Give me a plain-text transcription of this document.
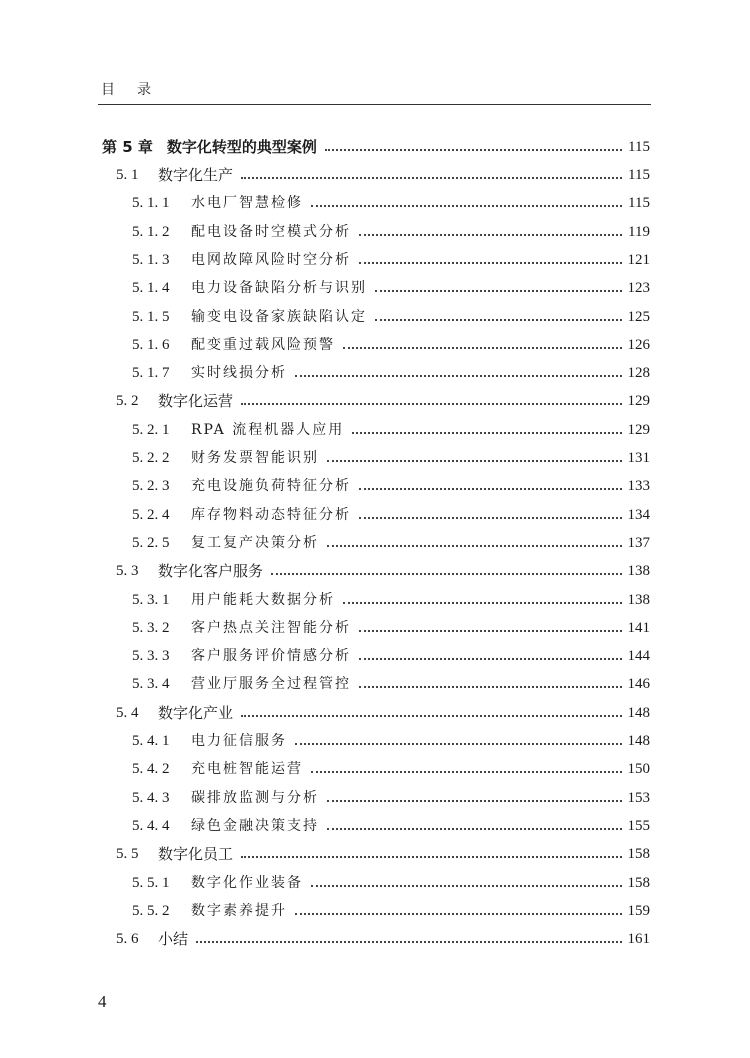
目 录
第 5 章 数字化转型的典型案例	115
5. 1	数字化生产	115
5. 1. 1	水电厂智慧检修	115
5. 1. 2	配电设备时空模式分析	119
5. 1. 3	电网故障风险时空分析	121
5. 1. 4	电力设备缺陷分析与识别	123
5. 1. 5	输变电设备家族缺陷认定	125
5. 1. 6	配变重过载风险预警	126
5. 1. 7	实时线损分析	128
5. 2	数字化运营	129
5. 2. 1	RPA 流程机器人应用	129
5. 2. 2	财务发票智能识别	131
5. 2. 3	充电设施负荷特征分析	133
5. 2. 4	库存物料动态特征分析	134
5. 2. 5	复工复产决策分析	137
5. 3	数字化客户服务	138
5. 3. 1	用户能耗大数据分析	138
5. 3. 2	客户热点关注智能分析	141
5. 3. 3	客户服务评价情感分析	144
5. 3. 4	营业厅服务全过程管控	146
5. 4	数字化产业	148
5. 4. 1	电力征信服务	148
5. 4. 2	充电桩智能运营	150
5. 4. 3	碳排放监测与分析	153
5. 4. 4	绿色金融决策支持	155
5. 5	数字化员工	158
5. 5. 1	数字化作业装备	158
5. 5. 2	数字素养提升	159
5. 6	小结	161
4
